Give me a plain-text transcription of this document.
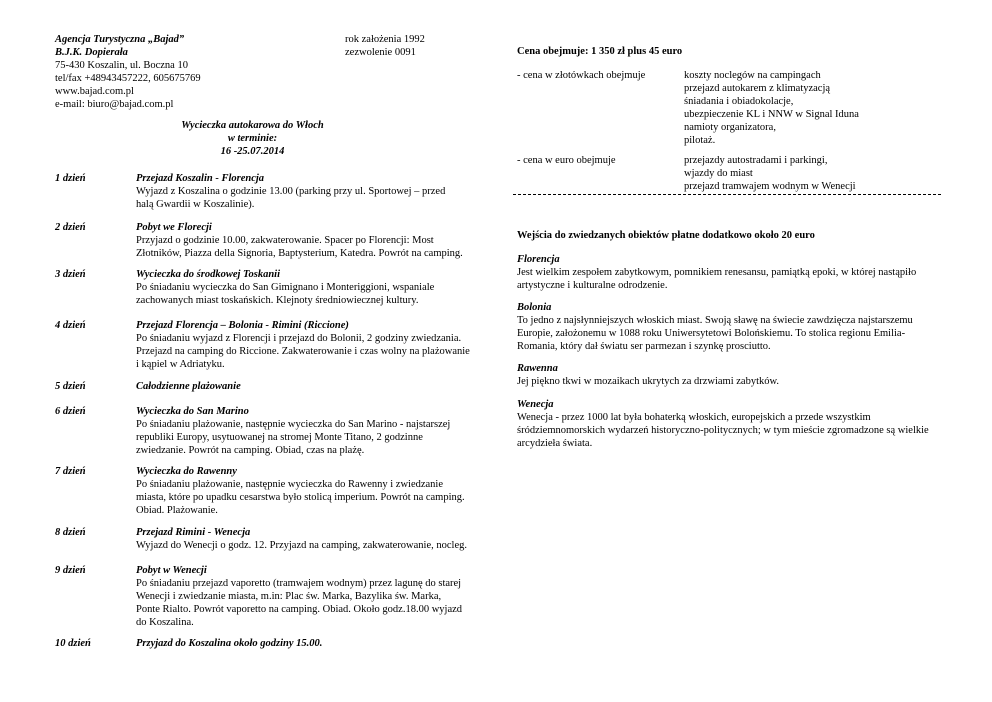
Agencja Turystyczna „Bajad”
B.J.K. Dopierała
75-430 Koszalin, ul. Boczna 10
tel/fax +48943457222, 605675769
www.bajad.com.pl
e-mail: biuro@bajad.com.pl
rok założenia 1992
zezwolenie 0091
Wycieczka autokarowa do Włoch
w terminie:
16 -25.07.2014
1 dzień	Przejazd Koszalin - Florencja
Wyjazd z Koszalina o godzinie 13.00 (parking przy ul. Sportowej – przed
halą Gwardii w Koszalinie).
2 dzień	Pobyt we Florecji
Przyjazd o godzinie 10.00, zakwaterowanie. Spacer po Florencji: Most
Złotników, Piazza della Signoria, Baptysterium, Katedra. Powrót na camping.
3 dzień	Wycieczka do środkowej Toskanii
Po śniadaniu wycieczka do San Gimignano i Monteriggioni, wspaniale
zachowanych miast toskańskich. Klejnoty średniowiecznej kultury.
4 dzień	Przejazd Florencja – Bolonia - Rimini (Riccione)
Po śniadaniu wyjazd z Florencji i przejazd do Bolonii, 2 godziny zwiedzania.
Przejazd na camping do Riccione. Zakwaterowanie i czas wolny na plażowanie
i kąpiel w Adriatyku.
5 dzień	Całodzienne plażowanie
6 dzień	Wycieczka do San Marino
Po śniadaniu plażowanie, następnie wycieczka do San Marino - najstarszej
republiki Europy, usytuowanej na stromej Monte Titano, 2 godzinne
zwiedzanie. Powrót na camping. Obiad, czas na plażę.
7 dzień	Wycieczka do Rawenny
Po śniadaniu plażowanie, następnie wycieczka do Rawenny i zwiedzanie
miasta, które po upadku cesarstwa było stolicą imperium. Powrót na camping.
Obiad. Plażowanie.
8 dzień	Przejazd Rimini - Wenecja
Wyjazd do Wenecji o godz. 12. Przyjazd na camping, zakwaterowanie, nocleg.
9 dzień	Pobyt w Wenecji
Po śniadaniu przejazd vaporetto (tramwajem wodnym) przez lagunę do starej
Wenecji i zwiedzanie miasta, m.in: Plac św. Marka, Bazylika św. Marka,
Ponte Rialto. Powrót vaporetto na camping. Obiad. Około godz.18.00 wyjazd
do Koszalina.
10 dzień	Przyjazd do Koszalina około godziny 15.00.
Cena obejmuje: 1 350 zł plus 45 euro
- cena w złotówkach obejmuje	koszty noclegów na campingach
przejazd autokarem z klimatyzacją
śniadania i obiadokolacje,
ubezpieczenie KL i NNW w Signal Iduna
namioty organizatora,
pilotaż.
- cena w euro obejmuje	przejazdy autostradami i parkingi,
wjazdy do miast
przejazd tramwajem wodnym w Wenecji
Wejścia do zwiedzanych obiektów płatne dodatkowo około 20 euro
Florencja
Jest wielkim zespołem zabytkowym, pomnikiem renesansu, pamiątką epoki, w której nastąpiło
artystyczne i kulturalne odrodzenie.
Bolonia
To jedno z najsłynniejszych włoskich miast. Swoją sławę na świecie zawdzięcza najstarszemu
Europie, założonemu w 1088 roku Uniwersytetowi Bolońskiemu. To stolica regionu Emilia-
Romania, który dał światu ser parmezan i szynkę prosciutto.
Rawenna
Jej piękno tkwi w mozaikach ukrytych za drzwiami zabytków.
Wenecja
Wenecja - przez 1000 lat była bohaterką włoskich, europejskich a przede wszystkim
śródziemnomorskich wydarzeń historyczno-politycznych; w tym mieście zgromadzone są wielkie
arcydzieła świata.
